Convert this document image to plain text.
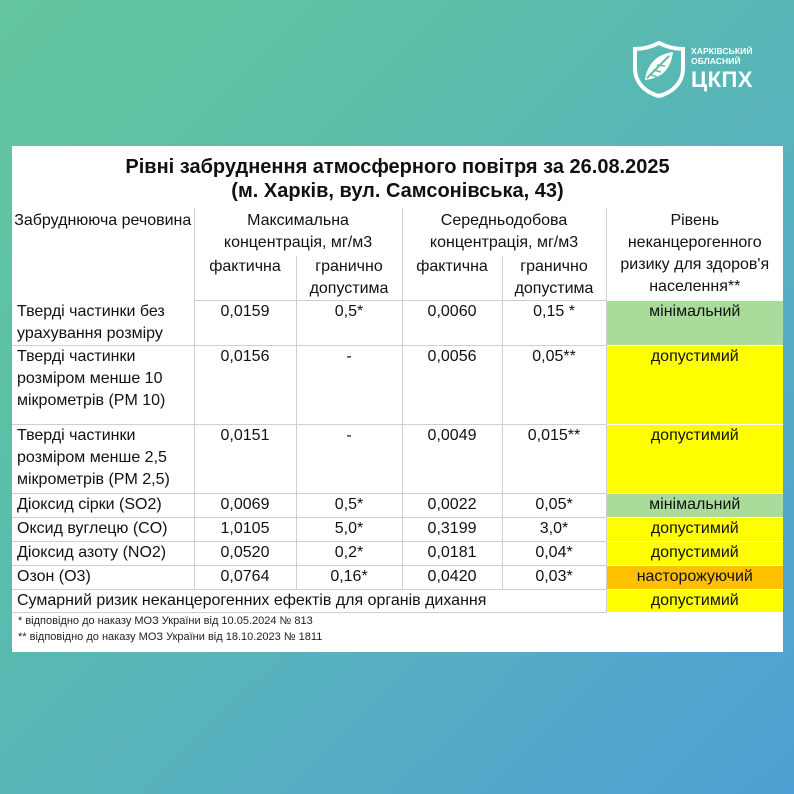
ХАРКІВСЬКИЙ
ОБЛАСНИЙ
ЦКПХ
Рівні забруднення атмосферного повітря за 26.08.2025
(м. Харків, вул. Самсонівська, 43)
Забруднююча речовина	Максимальна концентрація, мг/м3		Середньодобова концентрація, мг/м3		Рівень неканцерогенного ризику для здоров'я населення**
	фактична	гранично допустима	фактична	гранично допустима	
Тверді частинки без урахування розміру	0,0159	0,5*	0,0060	0,15 *	мінімальний
Тверді частинки розміром менше 10 мікрометрів (PM 10)	0,0156	-	0,0056	0,05**	допустимий
Тверді частинки розміром менше 2,5 мікрометрів (PM 2,5)	0,0151	-	0,0049	0,015**	допустимий
Діоксид сірки (SO2)	0,0069	0,5*	0,0022	0,05*	мінімальний
Оксид вуглецю (CO)	1,0105	5,0*	0,3199	3,0*	допустимий
Діоксид азоту (NO2)	0,0520	0,2*	0,0181	0,04*	допустимий
Озон (О3)	0,0764	0,16*	0,0420	0,03*	насторожуючий
Сумарний ризик неканцерогенних ефектів для органів дихання					допустимий
* відповідно до наказу МОЗ України від 10.05.2024 № 813
** відповідно до наказу МОЗ України від 18.10.2023 № 1811
